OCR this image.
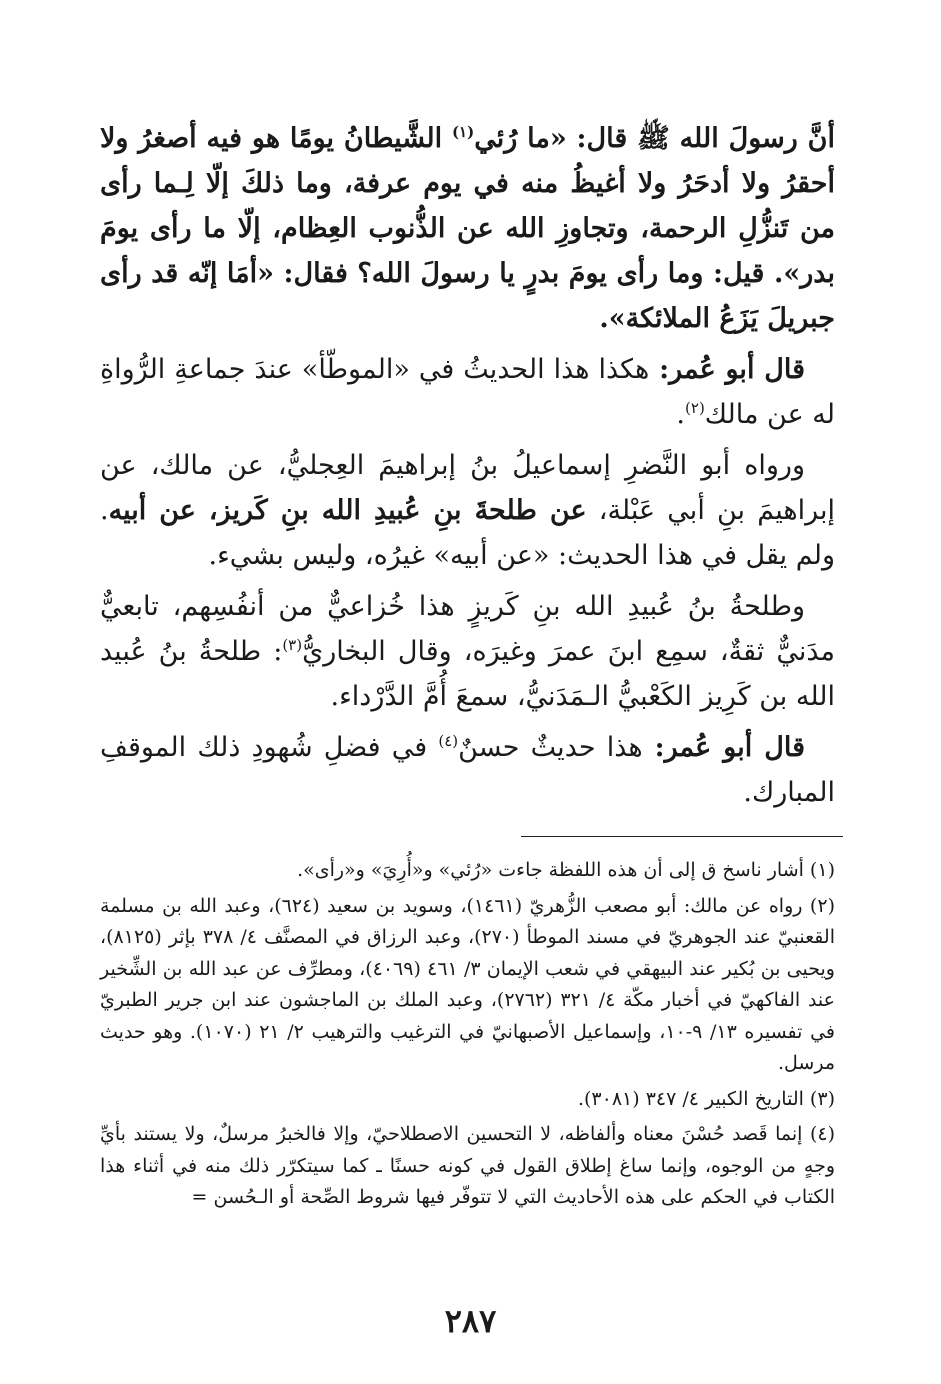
أنَّ رسولَ الله ﷺ قال: «ما رُئي$^{(١)}$ الشَّيطانُ يومًا هو فيه أصغرُ ولا أحقرُ ولا أدحَرُ ولا أغيظُ منه في يوم عرفة، وما ذلكَ إلّا لِـما رأى من تَنزُّلِ الرحمة، وتجاوزِ الله عن الذُّنوب العِظام، إلّا ما رأى يومَ بدر». قيل: وما رأى يومَ بدرٍ يا رسولَ الله؟ فقال: «أمَا إنّه قد رأى جبريلَ يَزَعُ الملائكة».

قال أبو عُمر: هكذا هذا الحديثُ في «الموطّأ» عندَ جماعةِ الرُّواةِ له عن مالك$^{(٢)}$.

ورواه أبو النَّضرِ إسماعيلُ بنُ إبراهيمَ العِجليُّ، عن مالك، عن إبراهيمَ بنِ أبي عَبْلة، عن طلحةَ بنِ عُبيدِ الله بنِ كَريز، عن أبيه. ولم يقل في هذا الحديث: «عن أبيه» غيرُه، وليس بشيء.

وطلحةُ بنُ عُبيدِ الله بنِ كَريزٍ هذا خُزاعيٌّ من أنفُسِهم، تابعيٌّ مدَنيٌّ ثقةٌ، سمِع ابنَ عمرَ وغيرَه، وقال البخاريُّ$^{(٣)}$: طلحةُ بنُ عُبيد الله بن كَرِيز الكَعْبيُّ الـمَدَنيُّ، سمعَ أُمَّ الدَّرْداء.

قال أبو عُمر: هذا حديثٌ حسنٌ$^{(٤)}$ في فضلِ شُهودِ ذلك الموقفِ المبارك.

(١) أشار ناسخ ق إلى أن هذه اللفظة جاءت «رُئي» و«أُرِيَ» و«رأى».

(٢) رواه عن مالك: أبو مصعب الزُّهريّ (١٤٦١)، وسويد بن سعيد (٦٢٤)، وعبد الله بن مسلمة القعنبيّ عند الجوهريّ في مسند الموطأ (٢٧٠)، وعبد الرزاق في المصنَّف ٤/ ٣٧٨ بإثر (٨١٢٥)، ويحيى بن بُكير عند البيهقي في شعب الإيمان ٣/ ٤٦١ (٤٠٦٩)، ومطرِّف عن عبد الله بن الشِّخير عند الفاكهيّ في أخبار مكّة ٤/ ٣٢١ (٢٧٦٢)، وعبد الملك بن الماجشون عند ابن جرير الطبريّ في تفسيره ١٣/ ٩-١٠، وإسماعيل الأصبهانيّ في الترغيب والترهيب ٢/ ٢١ (١٠٧٠). وهو حديث مرسل.

(٣) التاريخ الكبير ٤/ ٣٤٧ (٣٠٨١).

(٤) إنما قَصد حُسْنَ معناه وألفاظه، لا التحسين الاصطلاحيّ، وإلا فالخبرُ مرسلٌ، ولا يستند بأيِّ وجهٍ من الوجوه، وإنما ساغ إطلاق القول في كونه حسنًا ـ كما سيتكرّر ذلك منه في أثناء هذا الكتاب في الحكم على هذه الأحاديث التي لا تتوفّر فيها شروط الصِّحة أو الـحُسن =

٢٨٧
